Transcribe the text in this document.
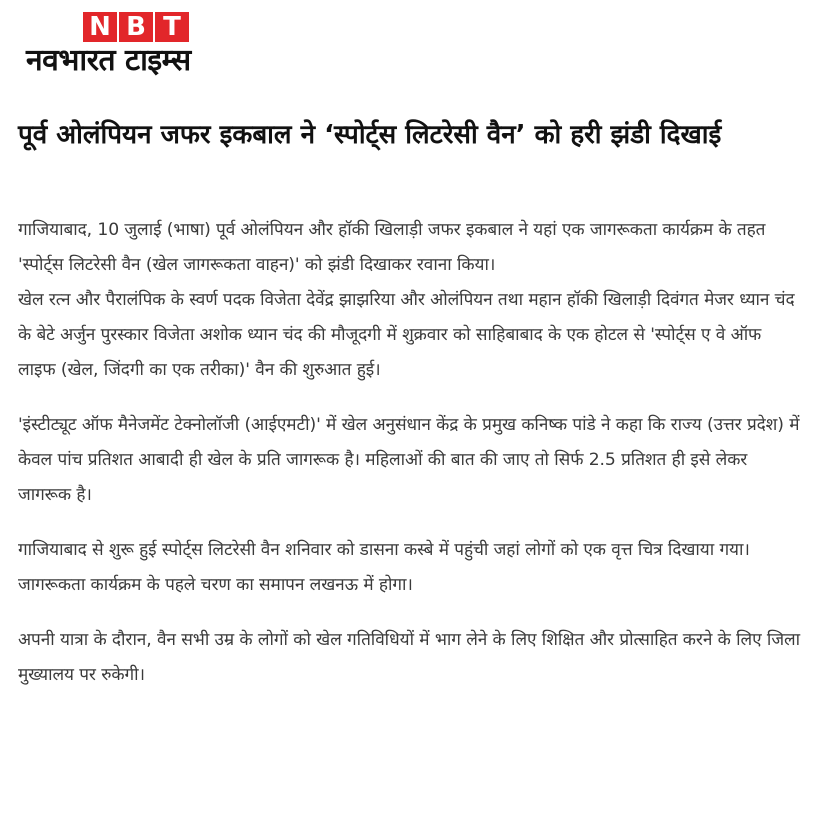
N B T
नवभारत टाइम्स
पूर्व ओलंपियन जफर इकबाल ने ‘स्पोर्ट्स लिटरेसी वैन’ को हरी झंडी दिखाई

गाजियाबाद, 10 जुलाई (भाषा) पूर्व ओलंपियन और हॉकी खिलाड़ी जफर इकबाल ने यहां एक जागरूकता कार्यक्रम के तहत 'स्पोर्ट्स लिटरेसी वैन (खेल जागरूकता वाहन)' को झंडी दिखाकर रवाना किया।

खेल रत्न और पैरालंपिक के स्वर्ण पदक विजेता देवेंद्र झाझरिया और ओलंपियन तथा महान हॉकी खिलाड़ी दिवंगत मेजर ध्यान चंद के बेटे अर्जुन पुरस्कार विजेता अशोक ध्यान चंद की मौजूदगी में शुक्रवार को साहिबाबाद के एक होटल से 'स्पोर्ट्स ए वे ऑफ लाइफ (खेल, जिंदगी का एक तरीका)' वैन की शुरुआत हुई।

'इंस्टीट्यूट ऑफ मैनेजमेंट टेक्नोलॉजी (आईएमटी)' में खेल अनुसंधान केंद्र के प्रमुख कनिष्क पांडे ने कहा कि राज्य (उत्तर प्रदेश) में केवल पांच प्रतिशत आबादी ही खेल के प्रति जागरूक है। महिलाओं की बात की जाए तो सिर्फ 2.5 प्रतिशत ही इसे लेकर जागरूक है।

गाजियाबाद से शुरू हुई स्पोर्ट्स लिटरेसी वैन शनिवार को डासना कस्बे में पहुंची जहां लोगों को एक वृत्त चित्र दिखाया गया। जागरूकता कार्यक्रम के पहले चरण का समापन लखनऊ में होगा।

अपनी यात्रा के दौरान, वैन सभी उम्र के लोगों को खेल गतिविधियों में भाग लेने के लिए शिक्षित और प्रोत्साहित करने के लिए जिला मुख्यालय पर रुकेगी।
